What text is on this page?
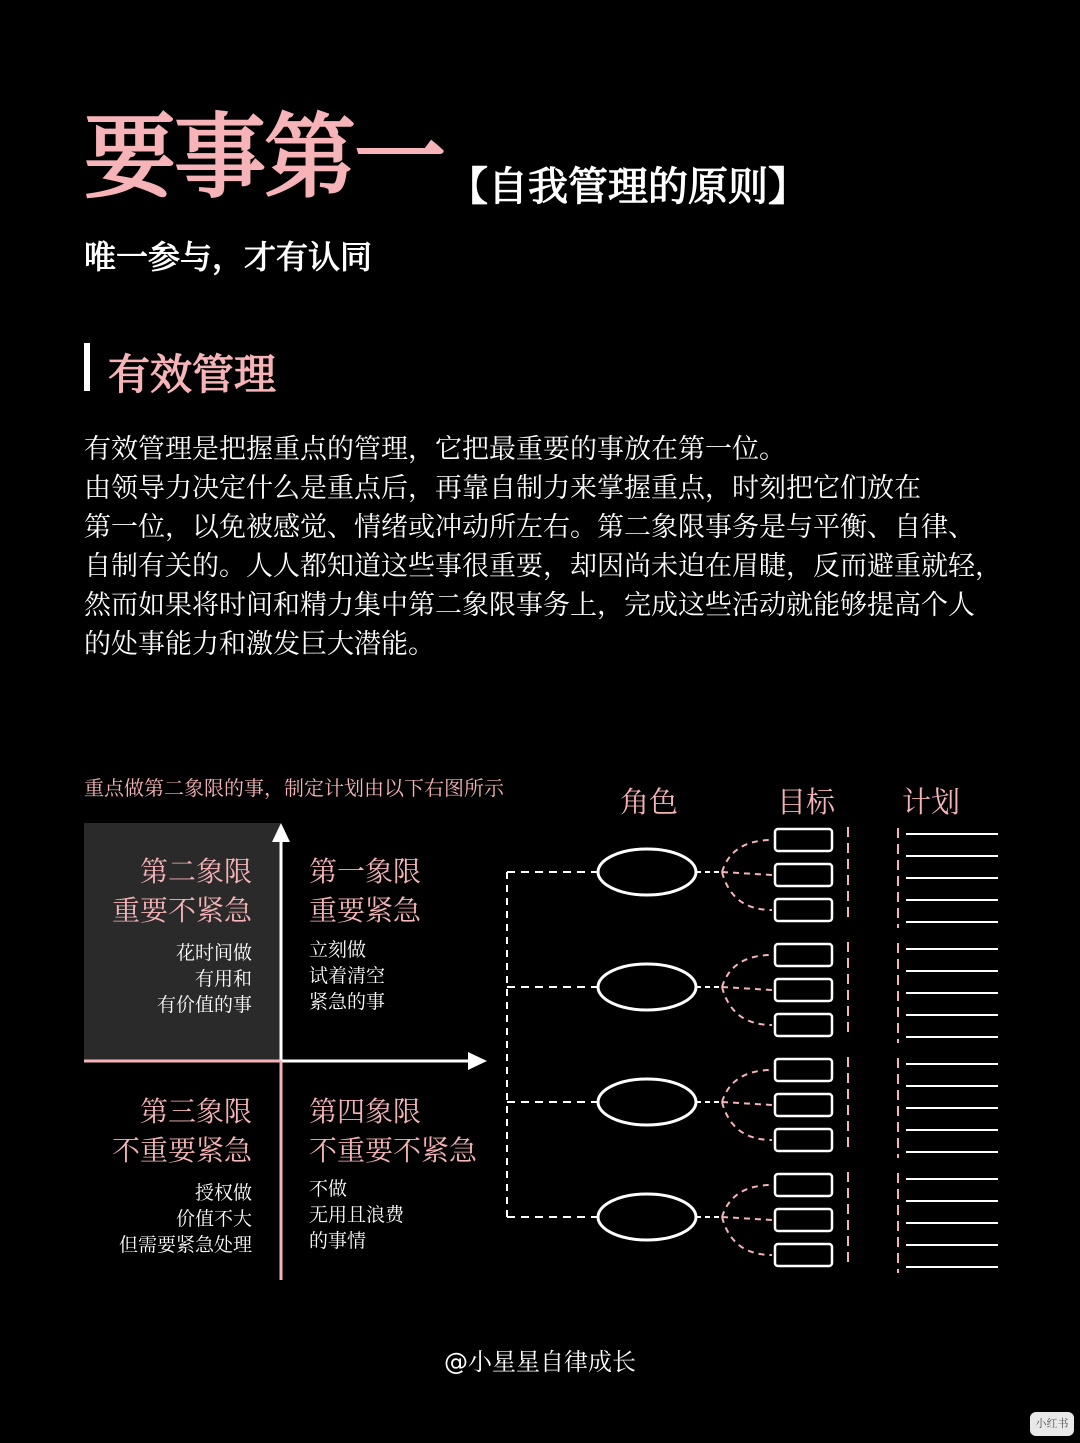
要事第一 【自我管理的原则】
唯一参与，才有认同
有效管理
有效管理是把握重点的管理，它把最重要的事放在第一位。
由领导力决定什么是重点后，再靠自制力来掌握重点，时刻把它们放在
第一位，以免被感觉、情绪或冲动所左右。第二象限事务是与平衡、自律、
自制有关的。人人都知道这些事很重要，却因尚未迫在眉睫，反而避重就轻，
然而如果将时间和精力集中第二象限事务上，完成这些活动就能够提高个人
的处事能力和激发巨大潜能。
重点做第二象限的事，制定计划由以下右图所示	角色	目标 计划
第二象限
重要不紧急
花时间做
有用和
有价值的事
第一象限
重要紧急
立刻做
试着清空
紧急的事
第三象限
不重要紧急
授权做
价值不大
但需要紧急处理
第四象限
不重要不紧急
不做
无用且浪费
的事情
@小星星自律成长
小红书
